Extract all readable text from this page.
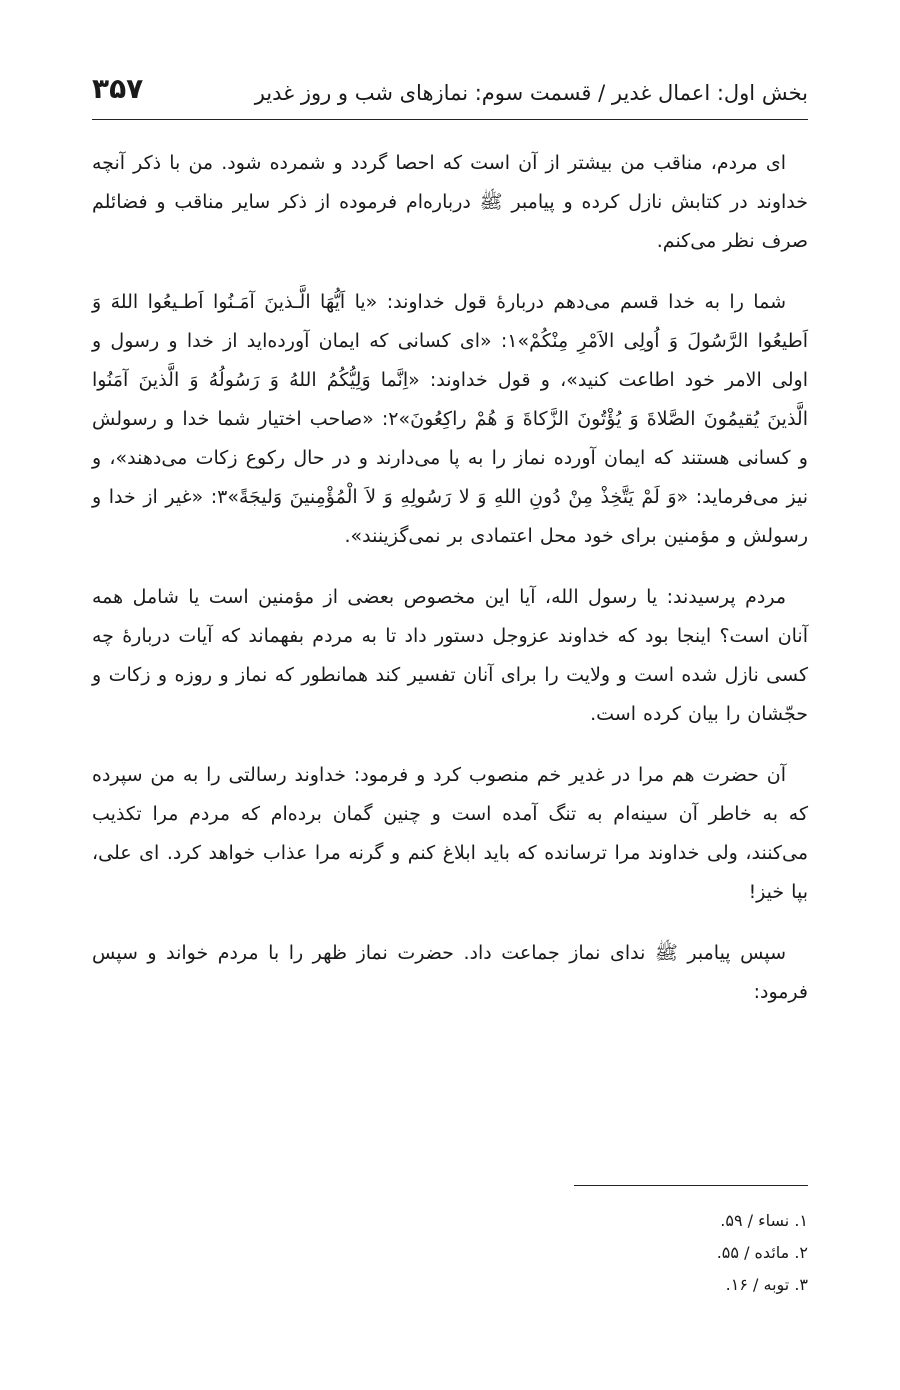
بخش اول: اعمال غدیر / قسمت سوم: نمازهای شب و روز غدیر
۳۵۷

ای مردم، مناقب من بیشتر از آن است که احصا گردد و شمرده شود. من با ذکر آنچه خداوند در کتابش نازل کرده و پیامبر ﷺ درباره‌ام فرموده از ذکر سایر مناقب و فضائلم صرف نظر می‌کنم.

شما را به خدا قسم می‌دهم دربارهٔ قول خداوند: «یا اَیُّهَا الَّـذینَ آمَـنُوا اَطـیعُوا اللهَ وَ اَطیعُوا الرَّسُولَ وَ اُولِی الاَمْرِ مِنْکُمْ»۱: «ای کسانی که ایمان آورده‌اید از خدا و رسول و اولی الامر خود اطاعت کنید»، و قول خداوند: «اِنَّما وَلِیُّکُمُ اللهُ وَ رَسُولُهُ وَ الَّذینَ آمَنُوا الَّذینَ یُقیمُونَ الصَّلاةَ وَ یُؤْتُونَ الزَّکاةَ وَ هُمْ راکِعُونَ»۲: «صاحب اختیار شما خدا و رسولش و کسانی هستند که ایمان آورده نماز را به پا می‌دارند و در حال رکوع زکات می‌دهند»، و نیز می‌فرماید: «وَ لَمْ یَتَّخِذْ مِنْ دُونِ اللهِ وَ لا رَسُولِهِ وَ لاَ الْمُؤْمِنینَ وَلیجَةً»۳: «غیر از خدا و رسولش و مؤمنین برای خود محل اعتمادی بر نمی‌گزینند».

مردم پرسیدند: یا رسول الله، آیا این مخصوص بعضی از مؤمنین است یا شامل همه آنان است؟ اینجا بود که خداوند عزوجل دستور داد تا به مردم بفهماند که آیات دربارهٔ چه کسی نازل شده است و ولایت را برای آنان تفسیر کند همانطور که نماز و روزه و زکات و حجّشان را بیان کرده است.

آن حضرت هم مرا در غدیر خم منصوب کرد و فرمود: خداوند رسالتی را به من سپرده که به خاطر آن سینه‌ام به تنگ آمده است و چنین گمان برده‌ام که مردم مرا تکذیب می‌کنند، ولی خداوند مرا ترسانده که باید ابلاغ کنم و گرنه مرا عذاب خواهد کرد. ای علی، بپا خیز!

سپس پیامبر ﷺ ندای نماز جماعت داد. حضرت نماز ظهر را با مردم خواند و سپس فرمود:

۱. نساء / ۵۹.

۲. مائده / ۵۵.

۳. توبه / ۱۶.
